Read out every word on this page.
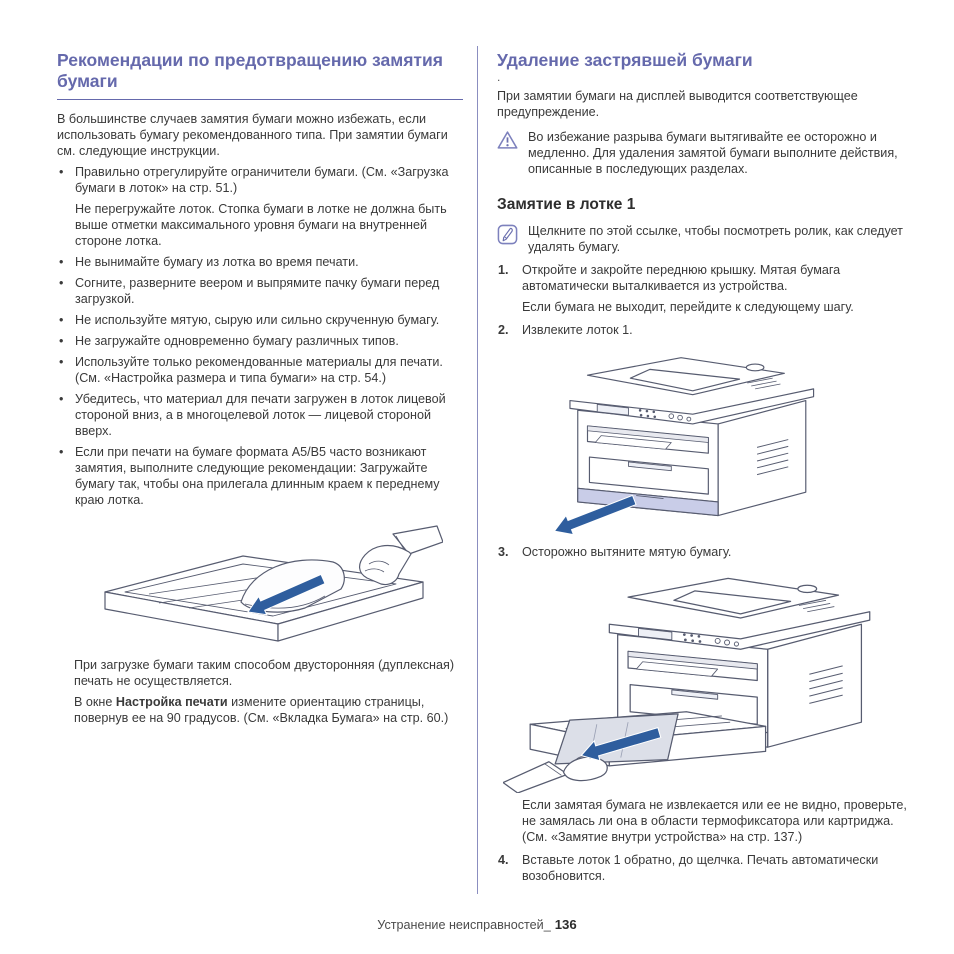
Рекомендации по предотвращению замятия бумаги

В большинстве случаев замятия бумаги можно избежать, если использовать бумагу рекомендованного типа. При замятии бумаги см. следующие инструкции.

• Правильно отрегулируйте ограничители бумаги. (См. «Загрузка бумаги в лоток» на стр. 51.)
Не перегружайте лоток. Стопка бумаги в лотке не должна быть выше отметки максимального уровня бумаги на внутренней стороне лотка.
• Не вынимайте бумагу из лотка во время печати.
• Согните, разверните веером и выпрямите пачку бумаги перед загрузкой.
• Не используйте мятую, сырую или сильно скрученную бумагу.
• Не загружайте одновременно бумагу различных типов.
• Используйте только рекомендованные материалы для печати. (См. «Настройка размера и типа бумаги» на стр. 54.)
• Убедитесь, что материал для печати загружен в лоток лицевой стороной вниз, а в многоцелевой лоток — лицевой стороной вверх.
• Если при печати на бумаге формата A5/B5 часто возникают замятия, выполните следующие рекомендации: Загружайте бумагу так, чтобы она прилегала длинным краем к переднему краю лотка.

При загрузке бумаги таким способом двусторонняя (дуплексная) печать не осуществляется.

В окне Настройка печати измените ориентацию страницы, повернув ее на 90 градусов. (См. «Вкладка Бумага» на стр. 60.)

Удаление застрявшей бумаги
.

При замятии бумаги на дисплей выводится соответствующее предупреждение.

Во избежание разрыва бумаги вытягивайте ее осторожно и медленно. Для удаления замятой бумаги выполните действия, описанные в последующих разделах.

Замятие в лотке 1

Щелкните по этой ссылке, чтобы посмотреть ролик, как следует удалять бумагу.

1.	Откройте и закройте переднюю крышку. Мятая бумага автоматически выталкивается из устройства.

Если бумага не выходит, перейдите к следующему шагу.

2.	Извлеките лоток 1.

3.	Осторожно вытяните мятую бумагу.

Если замятая бумага не извлекается или ее не видно, проверьте, не замялась ли она в области термофиксатора или картриджа. (См. «Замятие внутри устройства» на стр. 137.)

4.	Вставьте лоток 1 обратно, до щелчка. Печать автоматически возобновится.

Устранение неисправностей_ 136
